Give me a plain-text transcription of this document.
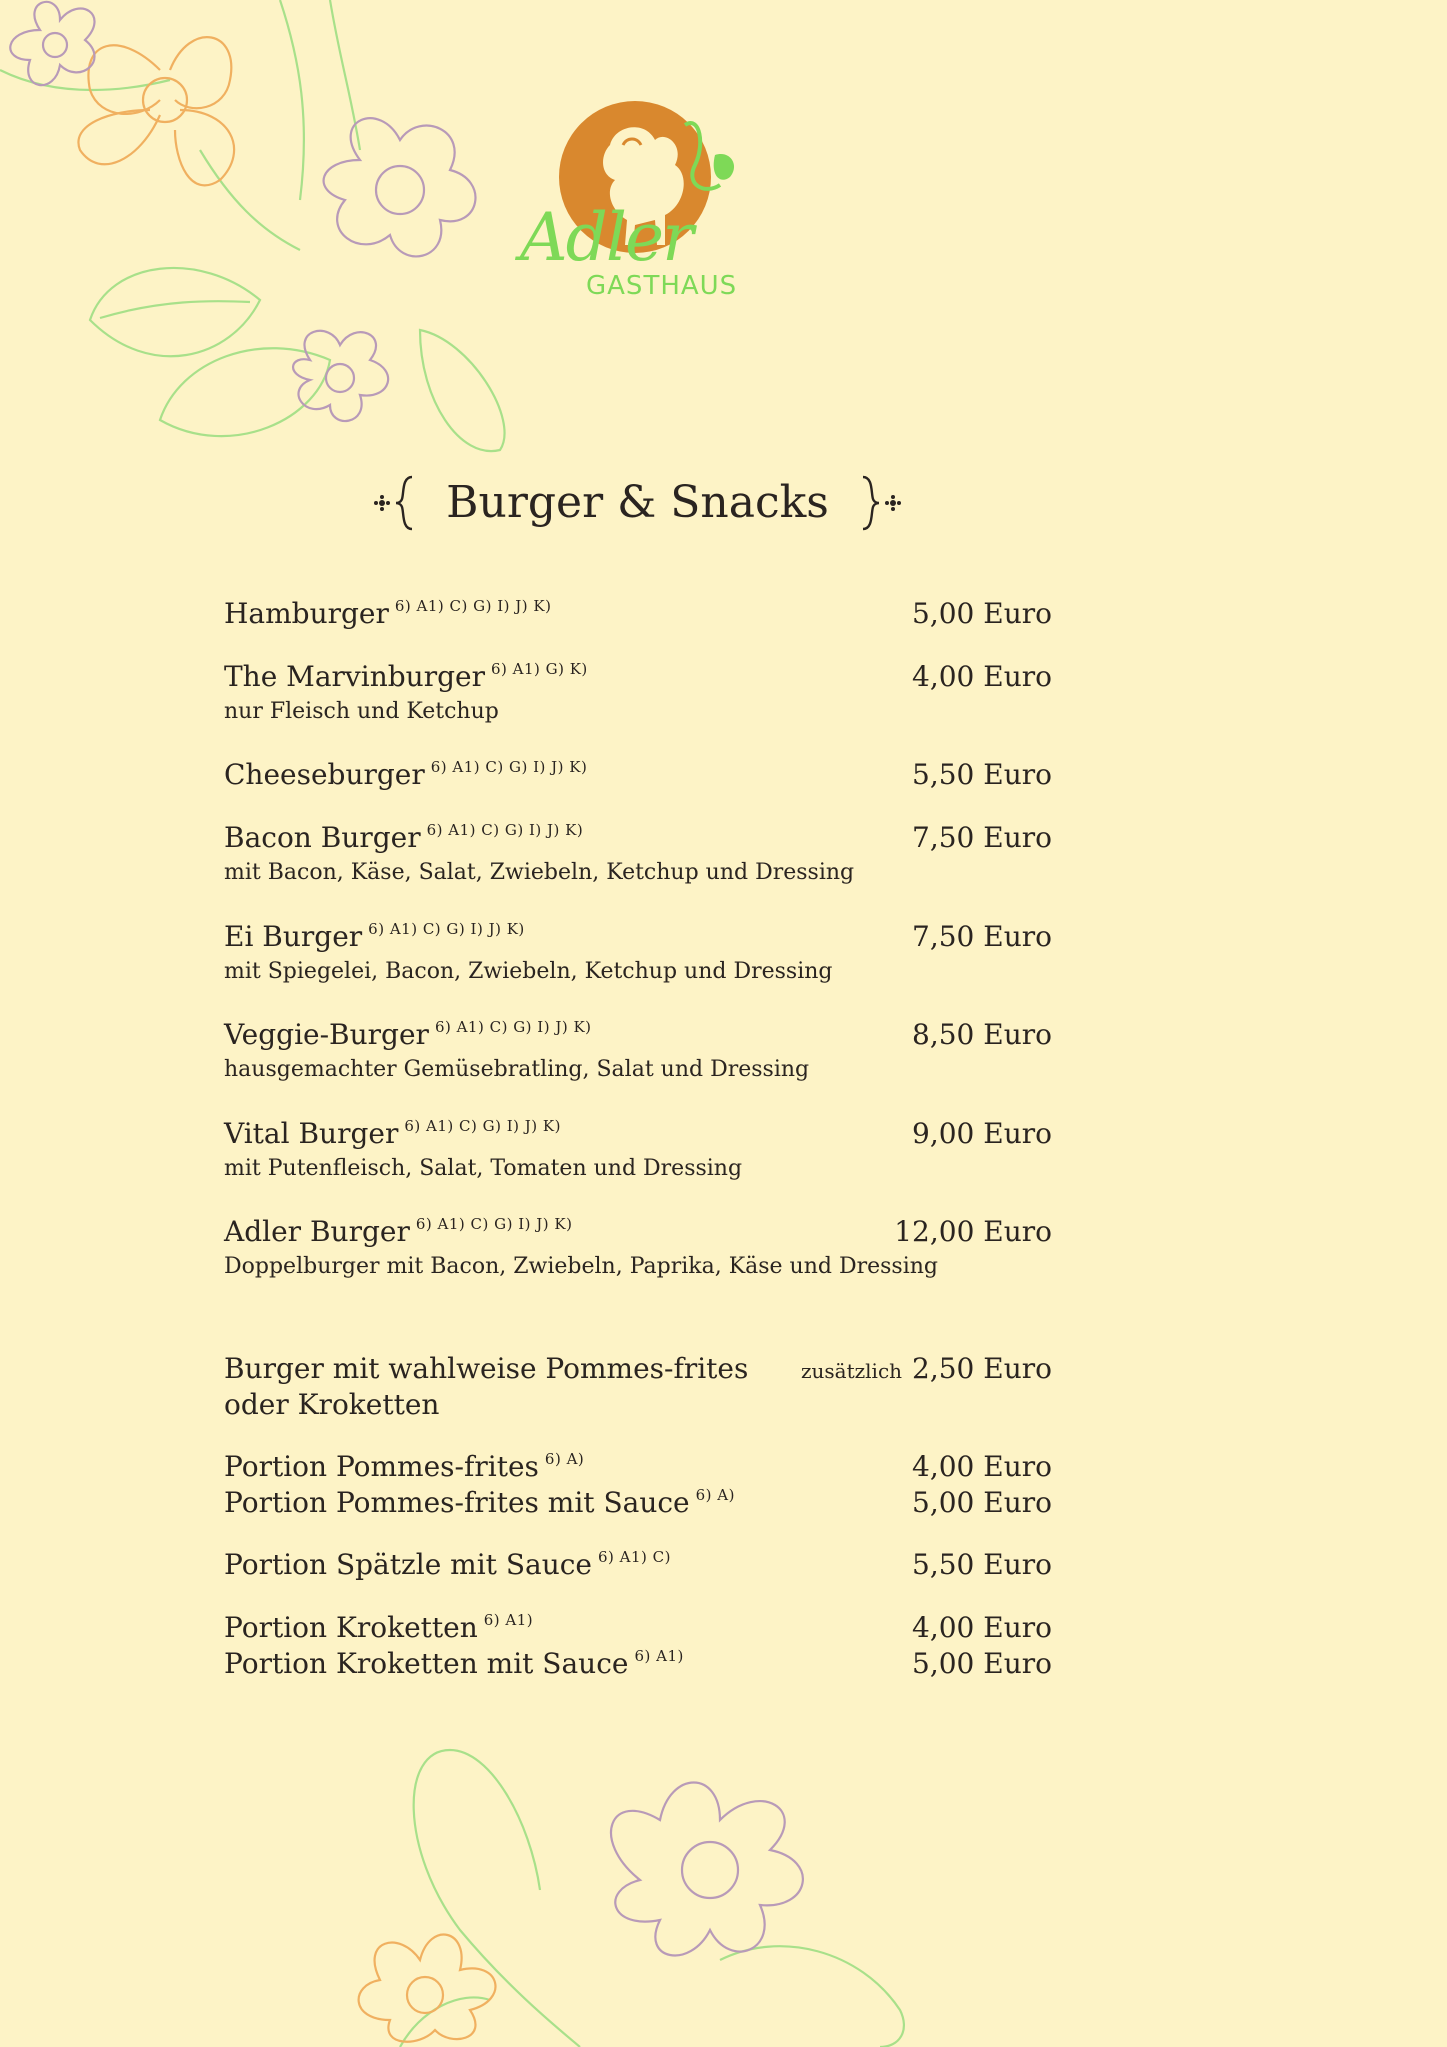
Adler
GASTHAUS
Burger & Snacks
Hamburger 6) A1) C) G) I) J) K)	5,00 Euro
The Marvinburger 6) A1) G) K)	4,00 Euro
nur Fleisch und Ketchup
Cheeseburger 6) A1) C) G) I) J) K)	5,50 Euro
Bacon Burger 6) A1) C) G) I) J) K)	7,50 Euro
mit Bacon, Käse, Salat, Zwiebeln, Ketchup und Dressing
Ei Burger 6) A1) C) G) I) J) K)	7,50 Euro
mit Spiegelei, Bacon, Zwiebeln, Ketchup und Dressing
Veggie-Burger 6) A1) C) G) I) J) K)	8,50 Euro
hausgemachter Gemüsebratling, Salat und Dressing
Vital Burger 6) A1) C) G) I) J) K)	9,00 Euro
mit Putenfleisch, Salat, Tomaten und Dressing
Adler Burger 6) A1) C) G) I) J) K)	12,00 Euro
Doppelburger mit Bacon, Zwiebeln, Paprika, Käse und Dressing
Burger mit wahlweise Pommes-frites	zusätzlich 2,50 Euro
oder Kroketten
Portion Pommes-frites 6) A)	4,00 Euro
Portion Pommes-frites mit Sauce 6) A)	5,00 Euro
Portion Spätzle mit Sauce 6) A1) C)	5,50 Euro
Portion Kroketten 6) A1)	4,00 Euro
Portion Kroketten mit Sauce 6) A1)	5,00 Euro
